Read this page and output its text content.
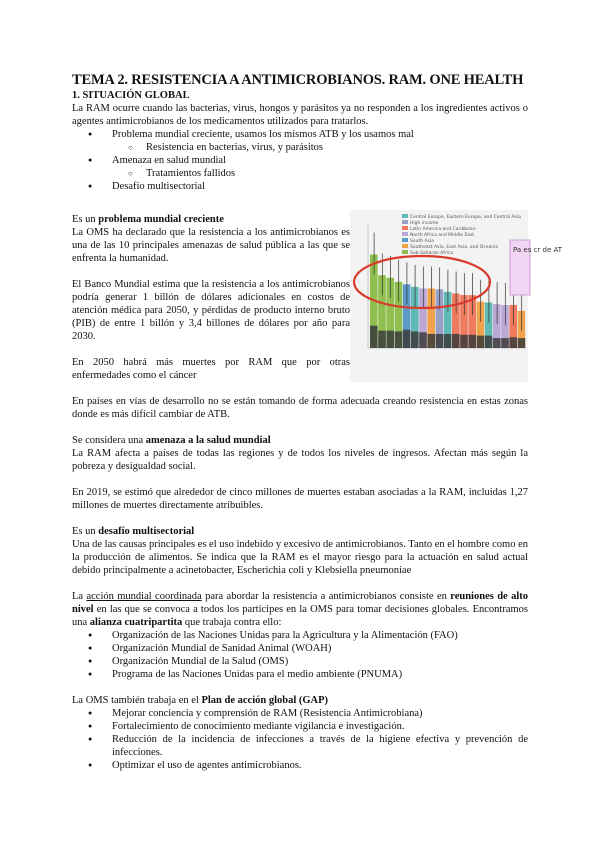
TEMA 2. RESISTENCIA A ANTIMICROBIANOS. RAM. ONE HEALTH
1. SITUACIÓN GLOBAL

La RAM ocurre cuando las bacterias, virus, hongos y parásitos ya no responden a los ingredientes activos o agentes antimicrobianos de los medicamentos utilizados para tratarlos.

● Problema mundial creciente, usamos los mismos ATB y los usamos mal
○ Resistencia en bacterias, virus, y parásitos
● Amenaza en salud mundial
○ Tratamientos fallidos
● Desafío multisectorial

Es un problema mundial creciente

La OMS ha declarado que la resistencia a los antimicrobianos es una de las 10 principales amenazas de salud pública a las que se enfrenta la humanidad.

El Banco Mundial estima que la resistencia a los antimicrobianos podría generar 1 billón de dólares adicionales en costos de atención médica para 2050, y pérdidas de producto interno bruto (PIB) de entre 1 billón y 3,4 billones de dólares por año para 2030.

En 2050 habrá más muertes por RAM que por otras enfermedades como el cáncer

Central Europe, Eastern Europe, and Central Asia
High income
Latin America and Caribbean
North Africa and Middle East
South Asia
Southeast Asia, East Asia, and Oceania
Sub-Saharan Africa	Pa es cr de AT

En países en vías de desarrollo no se están tomando de forma adecuada creando resistencia en estas zonas donde es más difícil cambiar de ATB.

Se considera una amenaza a la salud mundial

La RAM afecta a países de todas las regiones y de todos los niveles de ingresos. Afectan más según la pobreza y desigualdad social.

En 2019, se estimó que alrededor de cinco millones de muertes estaban asociadas a la RAM, incluidas 1,27 millones de muertes directamente atribuibles.

Es un desafío multisectorial

Una de las causas principales es el uso indebido y excesivo de antimicrobianos. Tanto en el hombre como en la producción de alimentos. Se indica que la RAM es el mayor riesgo para la actuación en salud actual debido principalmente a acinetobacter, Escherichia coli y Klebsiella pneumoniae

La acción mundial coordinada para abordar la resistencia a antimicrobianos consiste en reuniones de alto nivel en las que se convoca a todos los partícipes en la OMS para tomar decisiones globales. Encontramos una alianza cuatripartita que trabaja contra ello:

● Organización de las Naciones Unidas para la Agricultura y la Alimentación (FAO)
● Organización Mundial de Sanidad Animal (WOAH)
● Organización Mundial de la Salud (OMS)
● Programa de las Naciones Unidas para el medio ambiente (PNUMA)

La OMS también trabaja en el Plan de acción global (GAP)

● Mejorar conciencia y comprensión de RAM (Resistencia Antimicrobiana)
● Fortalecimiento de conocimiento mediante vigilancia e investigación.
● Reducción de la incidencia de infecciones a través de la higiene efectiva y prevención de infecciones.
● Optimizar el uso de agentes antimicrobianos.
